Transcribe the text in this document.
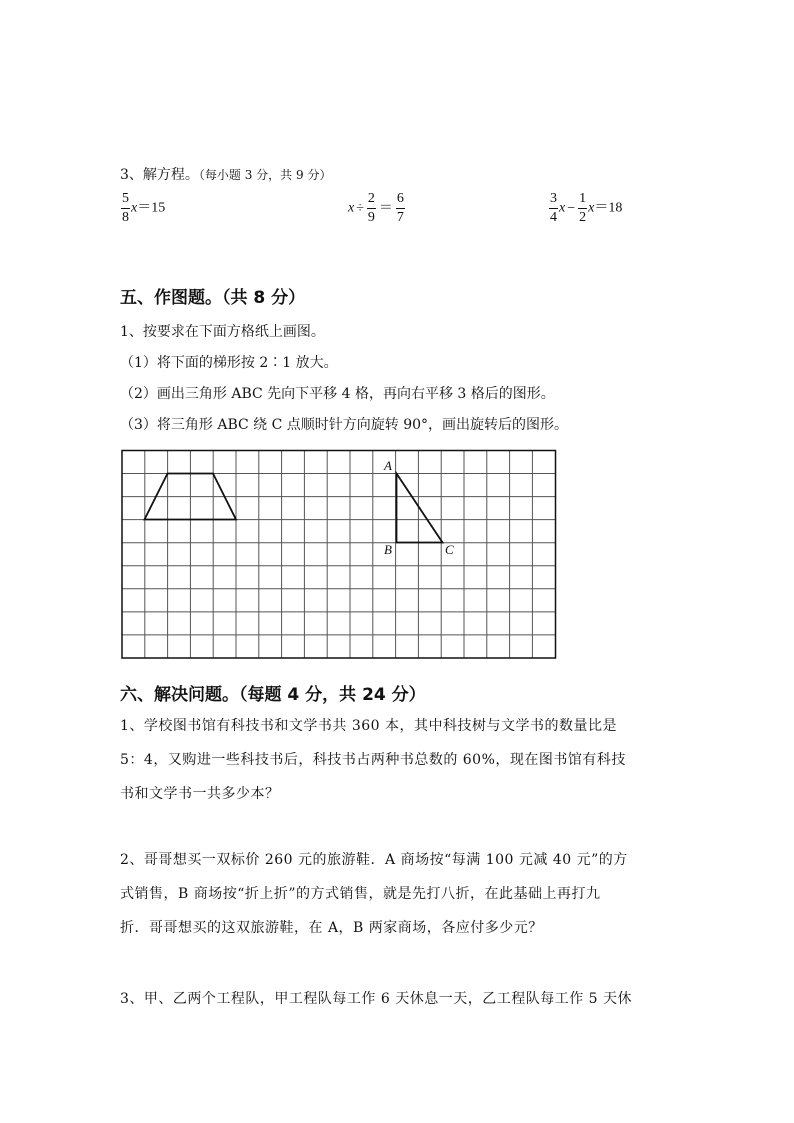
3、解方程。（每小题 3 分，共 9 分）
$\frac{5}{8} x=15$	$x \div \frac{2}{9} = \frac{6}{7}$	$\frac{3}{4}$ $x - \frac{1}{2} x=18$
五、作图题。（共 8 分）
1、按要求在下面方格纸上画图。
（1）将下面的梯形按 2∶1 放大。
（2）画出三角形 ABC 先向下平移 4 格，再向右平移 3 格后的图形。
（3）将三角形 ABC 绕 C 点顺时针方向旋转 90°，画出旋转后的图形。
A
B	C
六、解决问题。（每题 4 分，共 24 分）
1、学校图书馆有科技书和文学书共 360 本，其中科技树与文学书的数量比是
5：4，又购进一些科技书后，科技书占两种书总数的 60%，现在图书馆有科技
书和文学书一共多少本？
2、哥哥想买一双标价 260 元的旅游鞋．A 商场按“每满 100 元减 40 元”的方
式销售，B 商场按“折上折”的方式销售，就是先打八折，在此基础上再打九
折．哥哥想买的这双旅游鞋，在 A，B 两家商场，各应付多少元？
3、甲、乙两个工程队，甲工程队每工作 6 天休息一天，乙工程队每工作 5 天休
